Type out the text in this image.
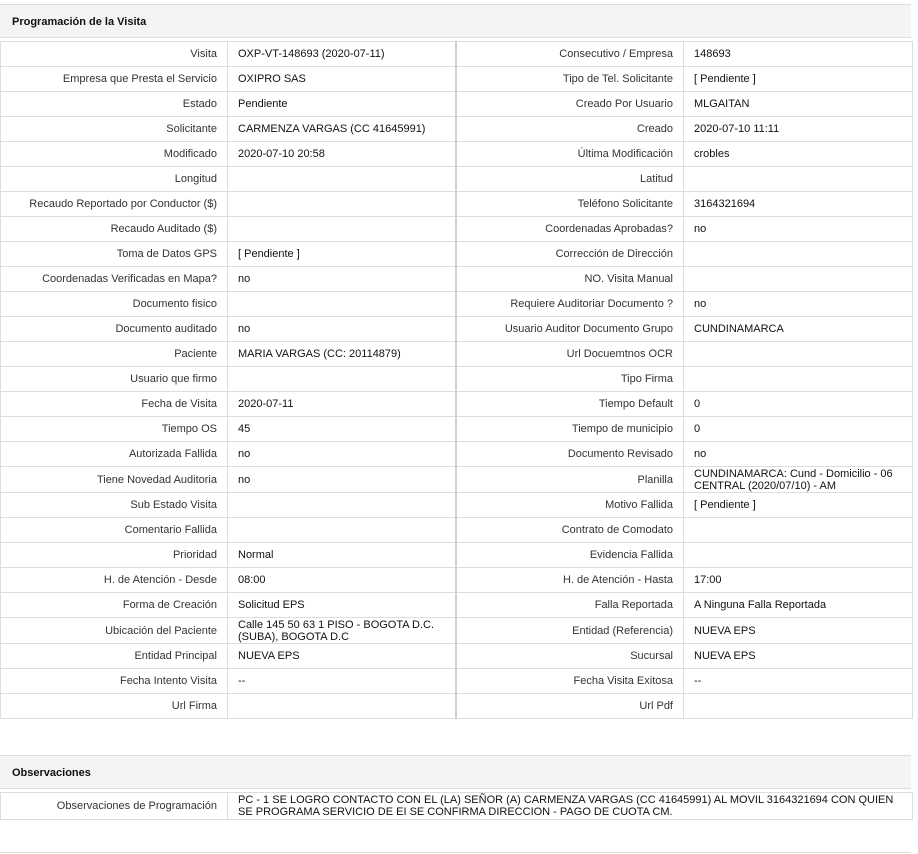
Programación de la Visita
Visita	OXP-VT-148693 (2020-07-11)	Consecutivo / Empresa	148693
Empresa que Presta el Servicio	OXIPRO SAS	Tipo de Tel. Solicitante	[ Pendiente ]
Estado	Pendiente	Creado Por Usuario	MLGAITAN
Solicitante	CARMENZA VARGAS (CC 41645991)	Creado	2020-07-10 11:11
Modificado	2020-07-10 20:58	Última Modificación	crobles
Longitud		Latitud	
Recaudo Reportado por Conductor ($)		Teléfono Solicitante	3164321694
Recaudo Auditado ($)		Coordenadas Aprobadas?	no
Toma de Datos GPS	[ Pendiente ]	Corrección de Dirección	
Coordenadas Verificadas en Mapa?	no	NO. Visita Manual	
Documento fisico		Requiere Auditoriar Documento ?	no
Documento auditado	no	Usuario Auditor Documento Grupo	CUNDINAMARCA
Paciente	MARIA VARGAS (CC: 20114879)	Url Docuemtnos OCR	
Usuario que firmo		Tipo Firma	
Fecha de Visita	2020-07-11	Tiempo Default	0
Tiempo OS	45	Tiempo de municipio	0
Autorizada Fallida	no	Documento Revisado	no
Tiene Novedad Auditoria	no	Planilla	CUNDINAMARCA: Cund - Domicilio - 06 CENTRAL (2020/07/10) - AM
Sub Estado Visita		Motivo Fallida	[ Pendiente ]
Comentario Fallida		Contrato de Comodato	
Prioridad	Normal	Evidencia Fallida	
H. de Atención - Desde	08:00	H. de Atención - Hasta	17:00
Forma de Creación	Solicitud EPS	Falla Reportada	A Ninguna Falla Reportada
Ubicación del Paciente	Calle 145 50 63 1 PISO - BOGOTA D.C. (SUBA), BOGOTA D.C	Entidad (Referencia)	NUEVA EPS
Entidad Principal	NUEVA EPS	Sucursal	NUEVA EPS
Fecha Intento Visita	--	Fecha Visita Exitosa	--
Url Firma		Url Pdf	
Observaciones
Observaciones de Programación	PC - 1 SE LOGRO CONTACTO CON EL (LA) SEÑOR (A) CARMENZA VARGAS (CC 41645991) AL MOVIL 3164321694 CON QUIEN SE PROGRAMA SERVICIO DE EI SE CONFIRMA DIRECCION - PAGO DE CUOTA CM.
